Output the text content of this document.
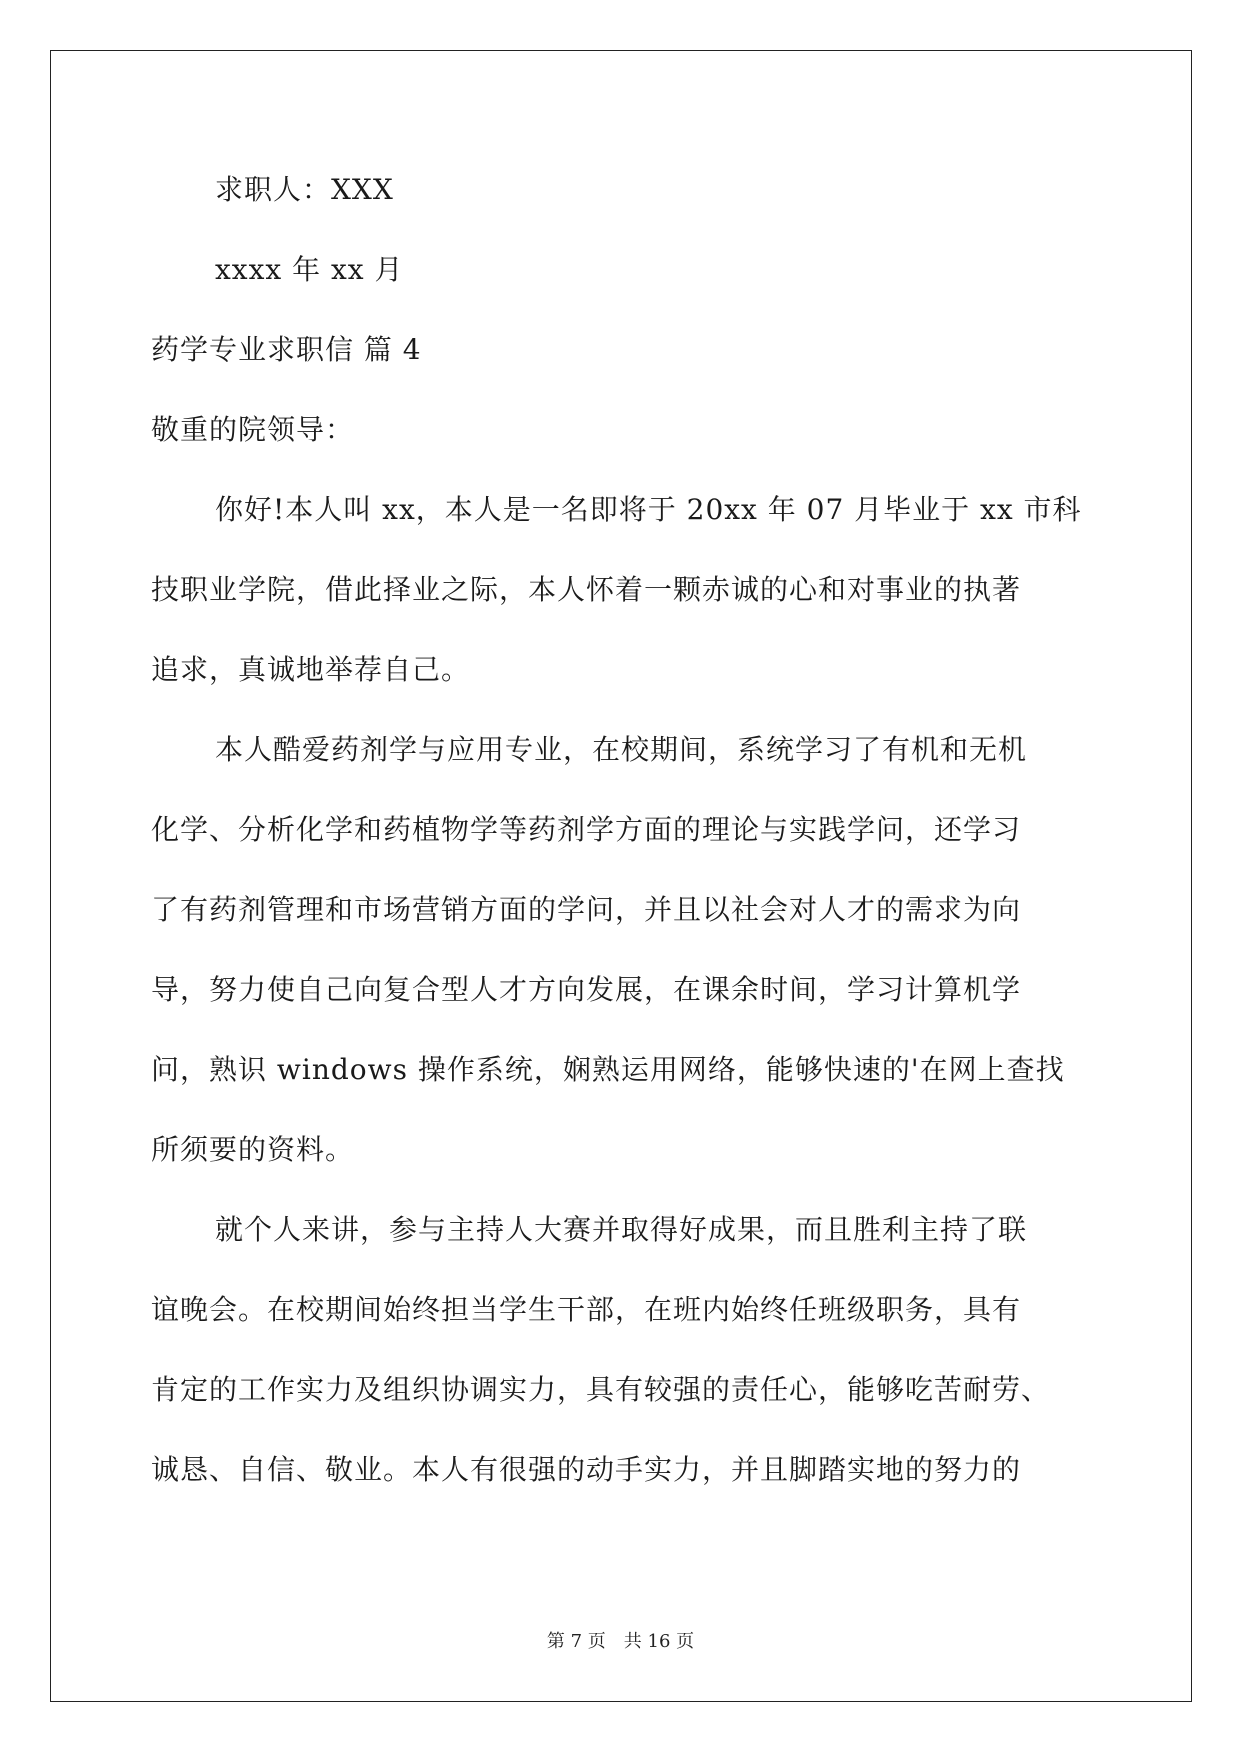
求职人：XXX
xxxx 年 xx 月
药学专业求职信 篇 4
敬重的院领导：
你好!本人叫 xx，本人是一名即将于 20xx 年 07 月毕业于 xx 市科
技职业学院，借此择业之际，本人怀着一颗赤诚的心和对事业的执著
追求，真诚地举荐自己。
本人酷爱药剂学与应用专业，在校期间，系统学习了有机和无机
化学、分析化学和药植物学等药剂学方面的理论与实践学问，还学习
了有药剂管理和市场营销方面的学问，并且以社会对人才的需求为向
导，努力使自己向复合型人才方向发展，在课余时间，学习计算机学
问，熟识 windows 操作系统，娴熟运用网络，能够快速的'在网上查找
所须要的资料。
就个人来讲，参与主持人大赛并取得好成果，而且胜利主持了联
谊晚会。在校期间始终担当学生干部，在班内始终任班级职务，具有
肯定的工作实力及组织协调实力，具有较强的责任心，能够吃苦耐劳、
诚恳、自信、敬业。本人有很强的动手实力，并且脚踏实地的努力的
第 7 页　共 16 页
